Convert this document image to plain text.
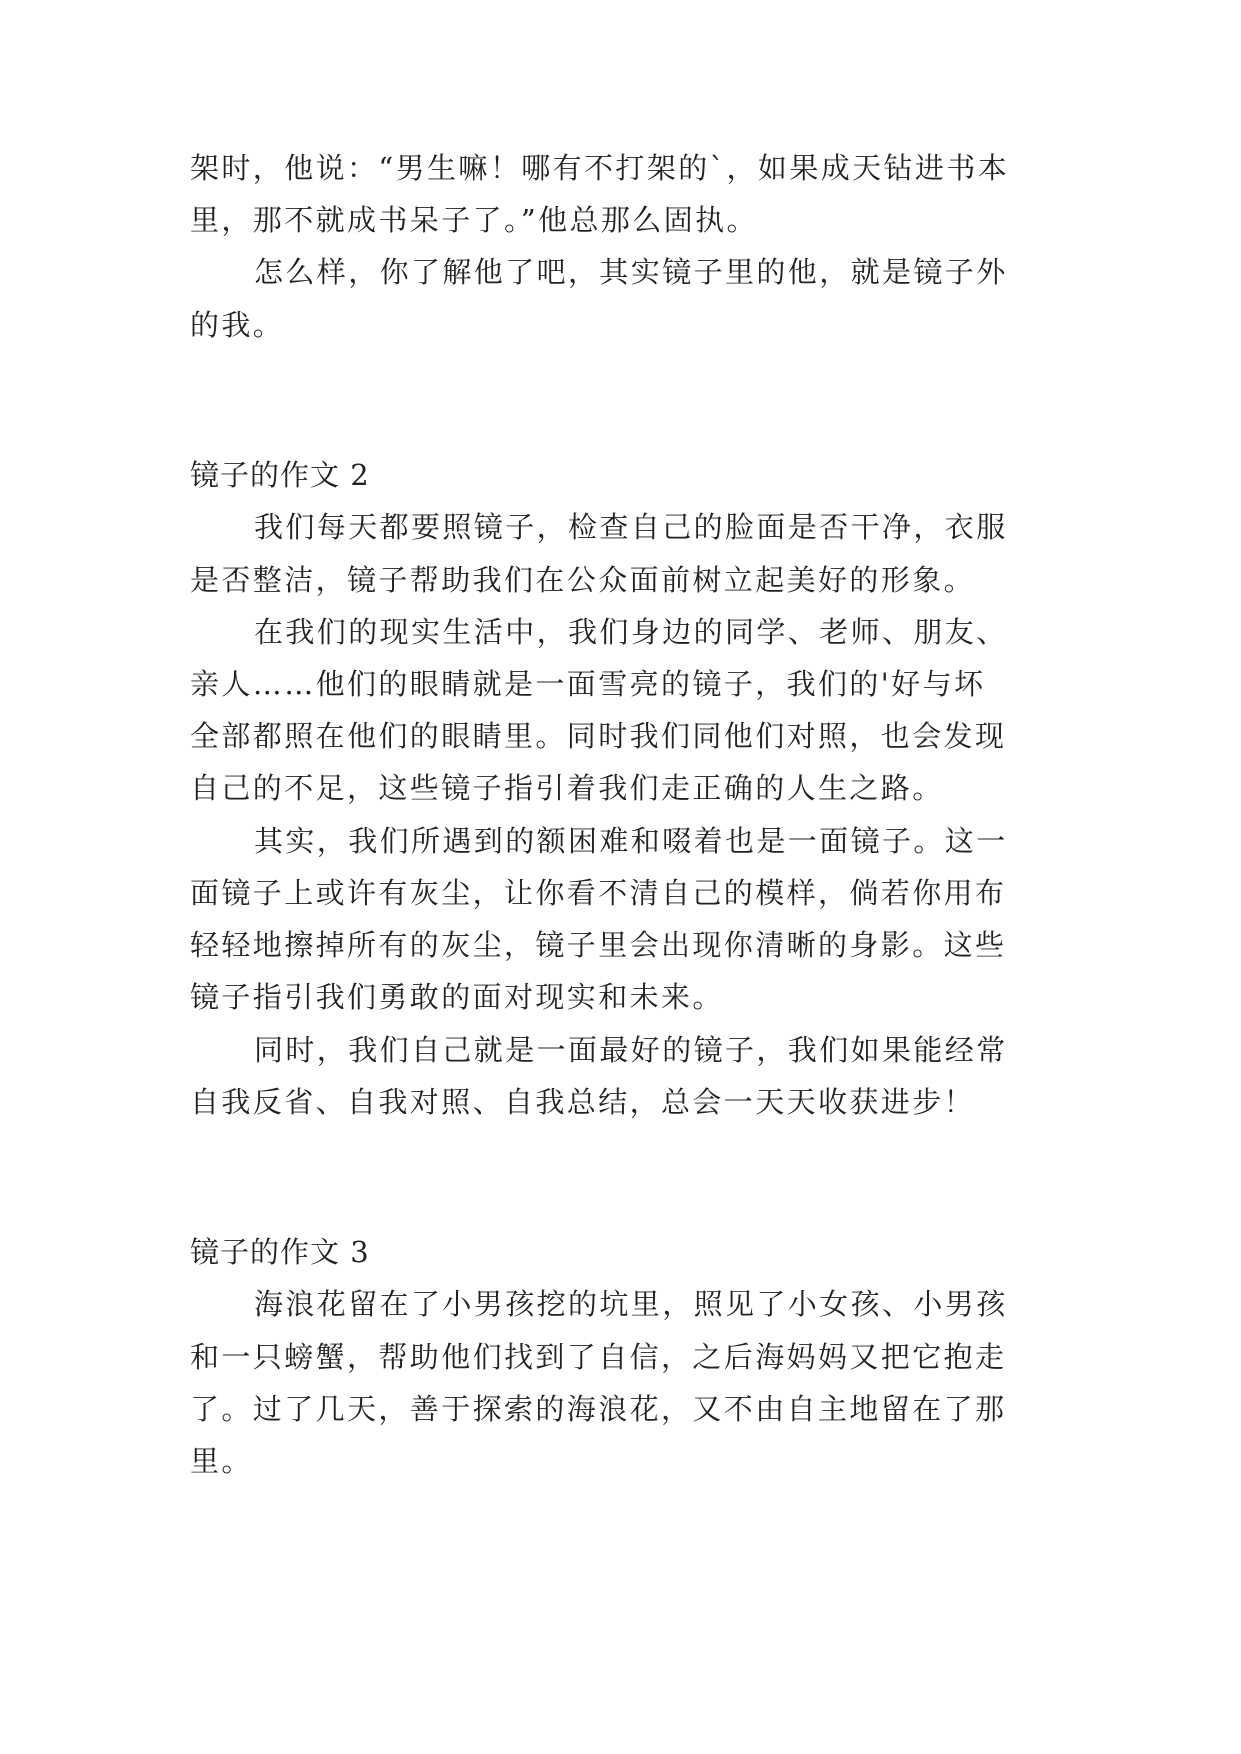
架时，他说：“男生嘛！哪有不打架的`，如果成天钻进书本
里，那不就成书呆子了。”他总那么固执。
怎么样，你了解他了吧，其实镜子里的他，就是镜子外
的我。
镜子的作文 2
我们每天都要照镜子，检查自己的脸面是否干净，衣服
是否整洁，镜子帮助我们在公众面前树立起美好的形象。
在我们的现实生活中，我们身边的同学、老师、朋友、
亲人……他们的眼睛就是一面雪亮的镜子，我们的'好与坏
全部都照在他们的眼睛里。同时我们同他们对照，也会发现
自己的不足，这些镜子指引着我们走正确的人生之路。
其实，我们所遇到的额困难和啜着也是一面镜子。这一
面镜子上或许有灰尘，让你看不清自己的模样，倘若你用布
轻轻地擦掉所有的灰尘，镜子里会出现你清晰的身影。这些
镜子指引我们勇敢的面对现实和未来。
同时，我们自己就是一面最好的镜子，我们如果能经常
自我反省、自我对照、自我总结，总会一天天收获进步！
镜子的作文 3
海浪花留在了小男孩挖的坑里，照见了小女孩、小男孩
和一只螃蟹，帮助他们找到了自信，之后海妈妈又把它抱走
了。过了几天，善于探索的海浪花，又不由自主地留在了那
里。
